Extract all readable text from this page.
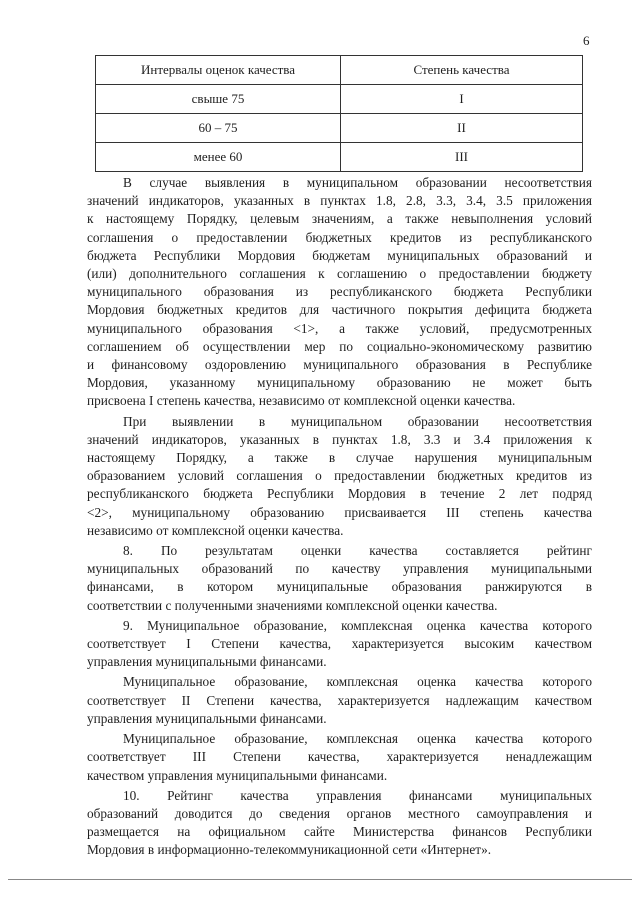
6
Интервалы оценок качества	Степень качества
свыше 75	I
60 – 75	II
менее 60	III
В случае выявления в муниципальном образовании несоответствия
значений индикаторов, указанных в пунктах 1.8, 2.8, 3.3, 3.4, 3.5 приложения
к настоящему Порядку, целевым значениям, а также невыполнения условий
соглашения о предоставлении бюджетных кредитов из республиканского
бюджета Республики Мордовия бюджетам муниципальных образований и
(или) дополнительного соглашения к соглашению о предоставлении бюджету
муниципального образования из республиканского бюджета Республики
Мордовия бюджетных кредитов для частичного покрытия дефицита бюджета
муниципального образования <1>, а также условий, предусмотренных
соглашением об осуществлении мер по социально-экономическому развитию
и финансовому оздоровлению муниципального образования в Республике
Мордовия, указанному муниципальному образованию не может быть
присвоена I степень качества, независимо от комплексной оценки качества.
При выявлении в муниципальном образовании несоответствия
значений индикаторов, указанных в пунктах 1.8, 3.3 и 3.4 приложения к
настоящему Порядку, а также в случае нарушения муниципальным
образованием условий соглашения о предоставлении бюджетных кредитов из
республиканского бюджета Республики Мордовия в течение 2 лет подряд
<2>, муниципальному образованию присваивается III степень качества
независимо от комплексной оценки качества.
8. По результатам оценки качества составляется рейтинг
муниципальных образований по качеству управления муниципальными
финансами, в котором муниципальные образования ранжируются в
соответствии с полученными значениями комплексной оценки качества.
9. Муниципальное образование, комплексная оценка качества которого
соответствует I Степени качества, характеризуется высоким качеством
управления муниципальными финансами.
Муниципальное образование, комплексная оценка качества которого
соответствует II Степени качества, характеризуется надлежащим качеством
управления муниципальными финансами.
Муниципальное образование, комплексная оценка качества которого
соответствует III Степени качества, характеризуется ненадлежащим
качеством управления муниципальными финансами.
10. Рейтинг качества управления финансами муниципальных
образований доводится до сведения органов местного самоуправления и
размещается на официальном сайте Министерства финансов Республики
Мордовия в информационно-телекоммуникационной сети «Интернет».
